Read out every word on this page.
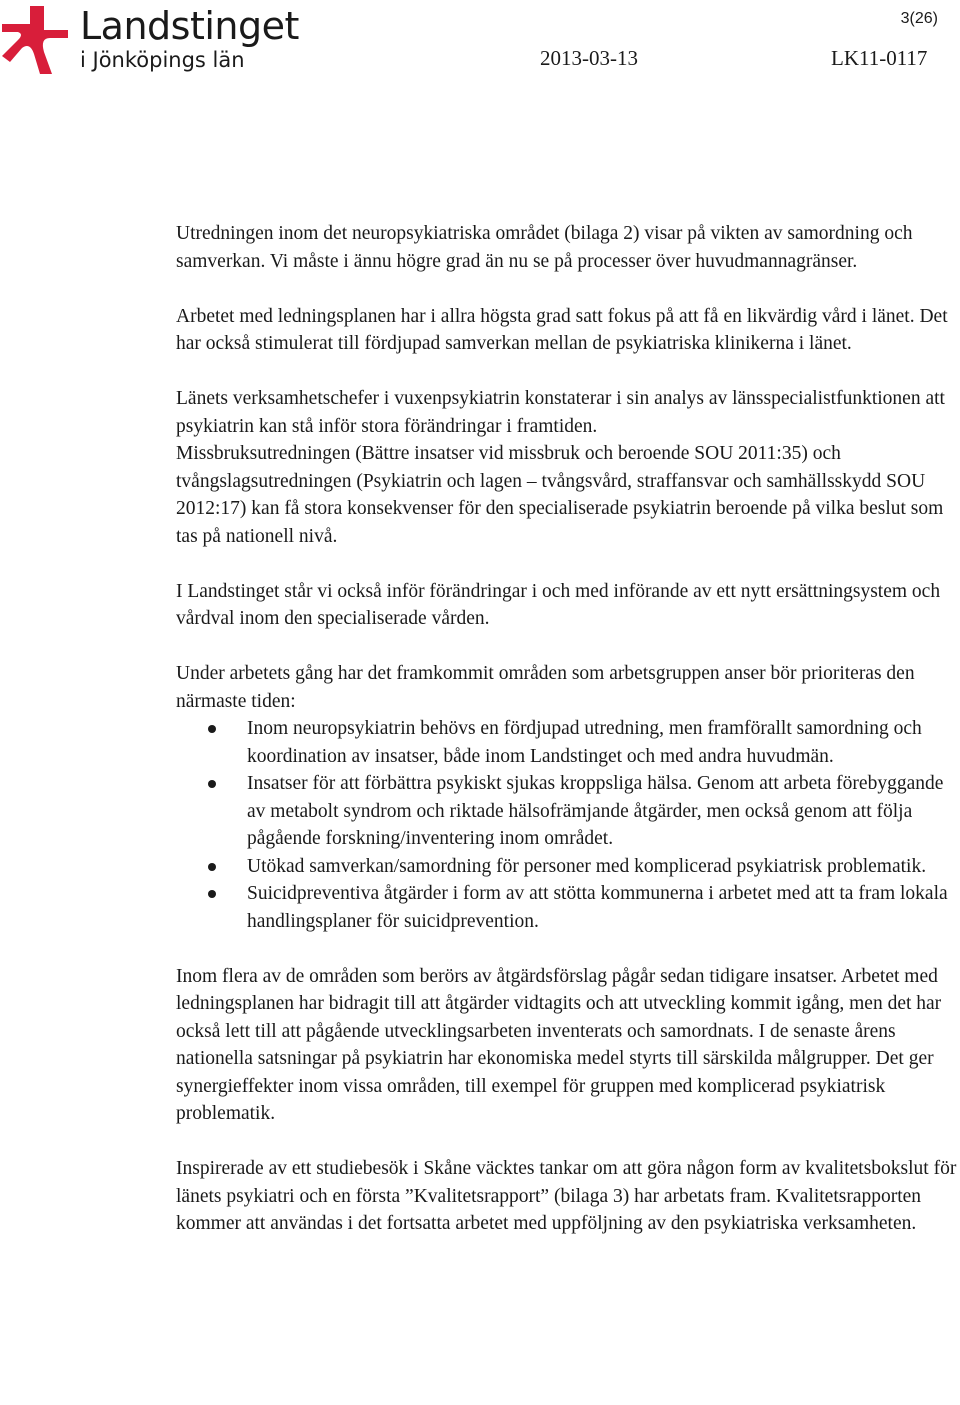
Landstinget
i Jönköpings län
3(26)
2013-03-13	LK11-0117

Utredningen inom det neuropsykiatriska området (bilaga 2) visar på vikten av samordning och samverkan. Vi måste i ännu högre grad än nu se på processer över huvudmannagränser.

Arbetet med ledningsplanen har i allra högsta grad satt fokus på att få en likvärdig vård i länet. Det har också stimulerat till fördjupad samverkan mellan de psykiatriska klinikerna i länet.

Länets verksamhetschefer i vuxenpsykiatrin konstaterar i sin analys av länsspecialistfunktionen att psykiatrin kan stå inför stora förändringar i framtiden.

Missbruksutredningen (Bättre insatser vid missbruk och beroende SOU 2011:35) och tvångslagsutredningen (Psykiatrin och lagen – tvångsvård, straffansvar och samhällsskydd SOU 2012:17) kan få stora konsekvenser för den specialiserade psykiatrin beroende på vilka beslut som tas på nationell nivå.

I Landstinget står vi också inför förändringar i och med införande av ett nytt ersättningsystem och vårdval inom den specialiserade vården.

Under arbetets gång har det framkommit områden som arbetsgruppen anser bör prioriteras den närmaste tiden:

Inom neuropsykiatrin behövs en fördjupad utredning, men framförallt samordning och koordination av insatser, både inom Landstinget och med andra huvudmän.
Insatser för att förbättra psykiskt sjukas kroppsliga hälsa. Genom att arbeta förebyggande av metabolt syndrom och riktade hälsofrämjande åtgärder, men också genom att följa pågående forskning/inventering inom området.
Utökad samverkan/samordning för personer med komplicerad psykiatrisk problematik.
Suicidpreventiva åtgärder i form av att stötta kommunerna i arbetet med att ta fram lokala handlingsplaner för suicidprevention.

Inom flera av de områden som berörs av åtgärdsförslag pågår sedan tidigare insatser. Arbetet med ledningsplanen har bidragit till att åtgärder vidtagits och att utveckling kommit igång, men det har också lett till att pågående utvecklingsarbeten inventerats och samordnats. I de senaste årens nationella satsningar på psykiatrin har ekonomiska medel styrts till särskilda målgrupper. Det ger synergieffekter inom vissa områden, till exempel för gruppen med komplicerad psykiatrisk problematik.

Inspirerade av ett studiebesök i Skåne väcktes tankar om att göra någon form av kvalitetsbokslut för länets psykiatri och en första ”Kvalitetsrapport” (bilaga 3) har arbetats fram. Kvalitetsrapporten kommer att användas i det fortsatta arbetet med uppföljning av den psykiatriska verksamheten.
